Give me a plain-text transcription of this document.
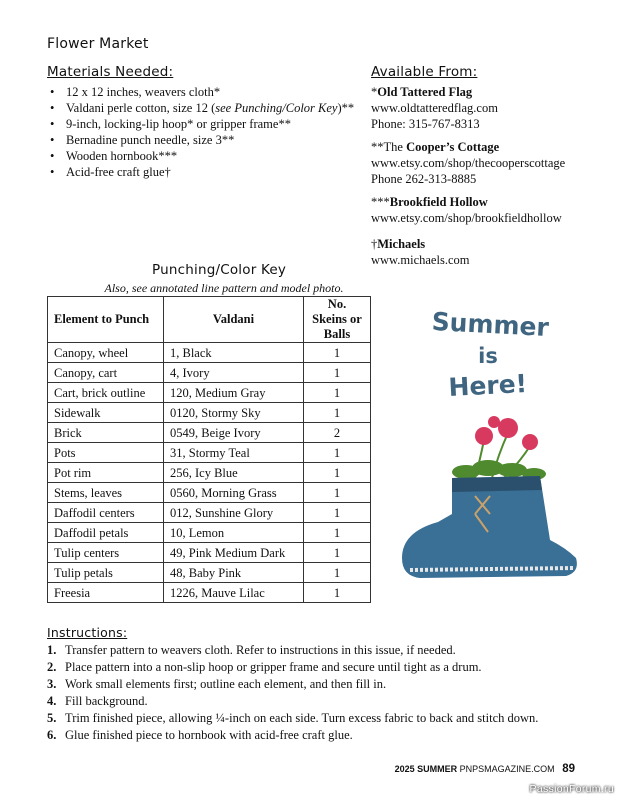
Flower Market
Materials Needed:
• 12 x 12 inches, weavers cloth*
• Valdani perle cotton, size 12 (see Punching/Color Key)**
• 9-inch, locking-lip hoop* or gripper frame**
• Bernadine punch needle, size 3**
• Wooden hornbook***
• Acid-free craft glue†
Available From:
*Old Tattered Flag
www.oldtatteredflag.com
Phone: 315-767-8313
**The Cooper’s Cottage
www.etsy.com/shop/thecooperscottage
Phone 262-313-8885
***Brookfield Hollow
www.etsy.com/shop/brookfieldhollow
†Michaels
www.michaels.com
Punching/Color Key
Also, see annotated line pattern and model photo.
Element to Punch	Valdani	No. Skeins or Balls
Canopy, wheel	1, Black	1
Canopy, cart	4, Ivory	1
Cart, brick outline	120, Medium Gray	1
Sidewalk	0120, Stormy Sky	1
Brick	0549, Beige Ivory	2
Pots	31, Stormy Teal	1
Pot rim	256, Icy Blue	1
Stems, leaves	0560, Morning Grass	1
Daffodil centers	012, Sunshine Glory	1
Daffodil petals	10, Lemon	1
Tulip centers	49, Pink Medium Dark	1
Tulip petals	48, Baby Pink	1
Freesia	1226, Mauve Lilac	1
Summer
is
Here!
Instructions:
1. Transfer pattern to weavers cloth. Refer to instructions in this issue, if needed.
2. Place pattern into a non-slip hoop or gripper frame and secure until tight as a drum.
3. Work small elements first; outline each element, and then fill in.
4. Fill background.
5. Trim finished piece, allowing ¼-inch on each side. Turn excess fabric to back and stitch down.
6. Glue finished piece to hornbook with acid-free craft glue.
2025 SUMMER PNPSMAGAZINE.COM 89
PassionForum.ru
